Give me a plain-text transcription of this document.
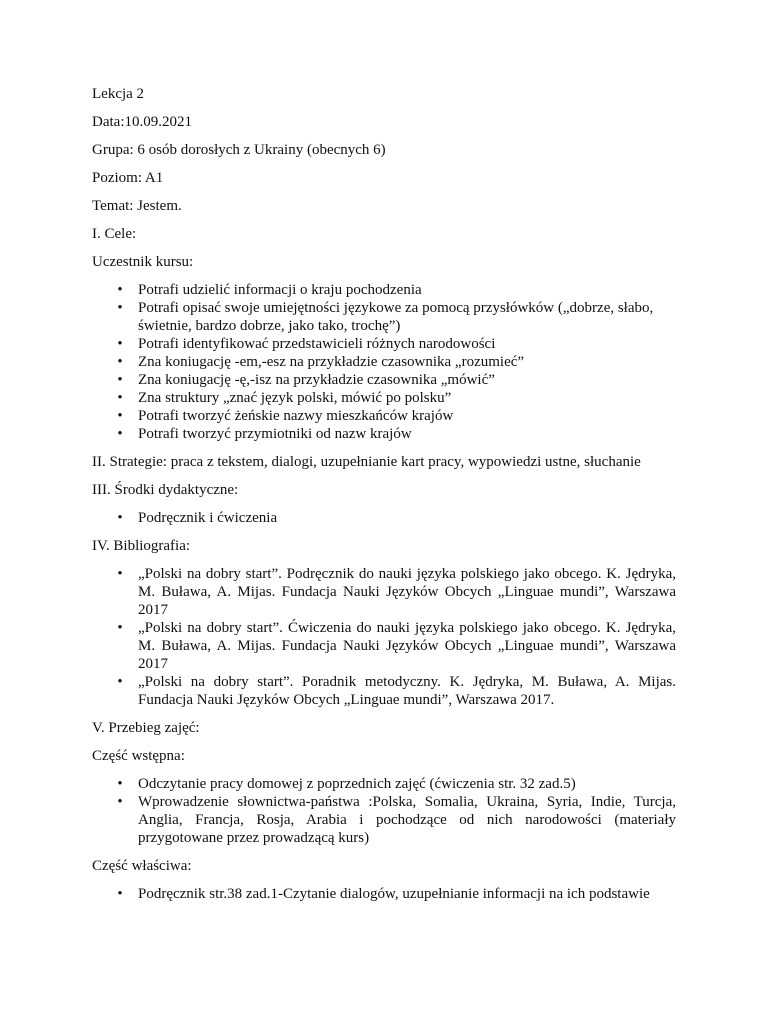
Lekcja 2

Data:10.09.2021

Grupa: 6 osób dorosłych z Ukrainy (obecnych 6)

Poziom: A1

Temat: Jestem.

I. Cele:

Uczestnik kursu:

• Potrafi udzielić informacji o kraju pochodzenia
• Potrafi opisać swoje umiejętności językowe za pomocą przysłówków („dobrze, słabo, świetnie, bardzo dobrze, jako tako, trochę”)
• Potrafi identyfikować przedstawicieli różnych narodowości
• Zna koniugację -em,-esz na przykładzie czasownika „rozumieć”
• Zna koniugację -ę,-isz na przykładzie czasownika „mówić”
• Zna struktury „znać język polski, mówić po polsku”
• Potrafi tworzyć żeńskie nazwy mieszkańców krajów
• Potrafi tworzyć przymiotniki od nazw krajów

II. Strategie: praca z tekstem, dialogi, uzupełnianie kart pracy, wypowiedzi ustne, słuchanie

III. Środki dydaktyczne:

• Podręcznik i ćwiczenia

IV. Bibliografia:

• „Polski na dobry start”. Podręcznik do nauki języka polskiego jako obcego. K. Jędryka, M. Buława, A. Mijas. Fundacja Nauki Języków Obcych „Linguae mundi”, Warszawa 2017
• „Polski na dobry start”. Ćwiczenia do nauki języka polskiego jako obcego. K. Jędryka, M. Buława, A. Mijas. Fundacja Nauki Języków Obcych „Linguae mundi”, Warszawa 2017
• „Polski na dobry start”. Poradnik metodyczny. K. Jędryka, M. Buława, A. Mijas. Fundacja Nauki Języków Obcych „Linguae mundi”, Warszawa 2017.

V. Przebieg zajęć:

Część wstępna:

• Odczytanie pracy domowej z poprzednich zajęć (ćwiczenia str. 32 zad.5)
• Wprowadzenie słownictwa-państwa :Polska, Somalia, Ukraina, Syria, Indie, Turcja, Anglia, Francja, Rosja, Arabia i pochodzące od nich narodowości (materiały przygotowane przez prowadzącą kurs)

Część właściwa:

• Podręcznik str.38 zad.1-Czytanie dialogów, uzupełnianie informacji na ich podstawie
